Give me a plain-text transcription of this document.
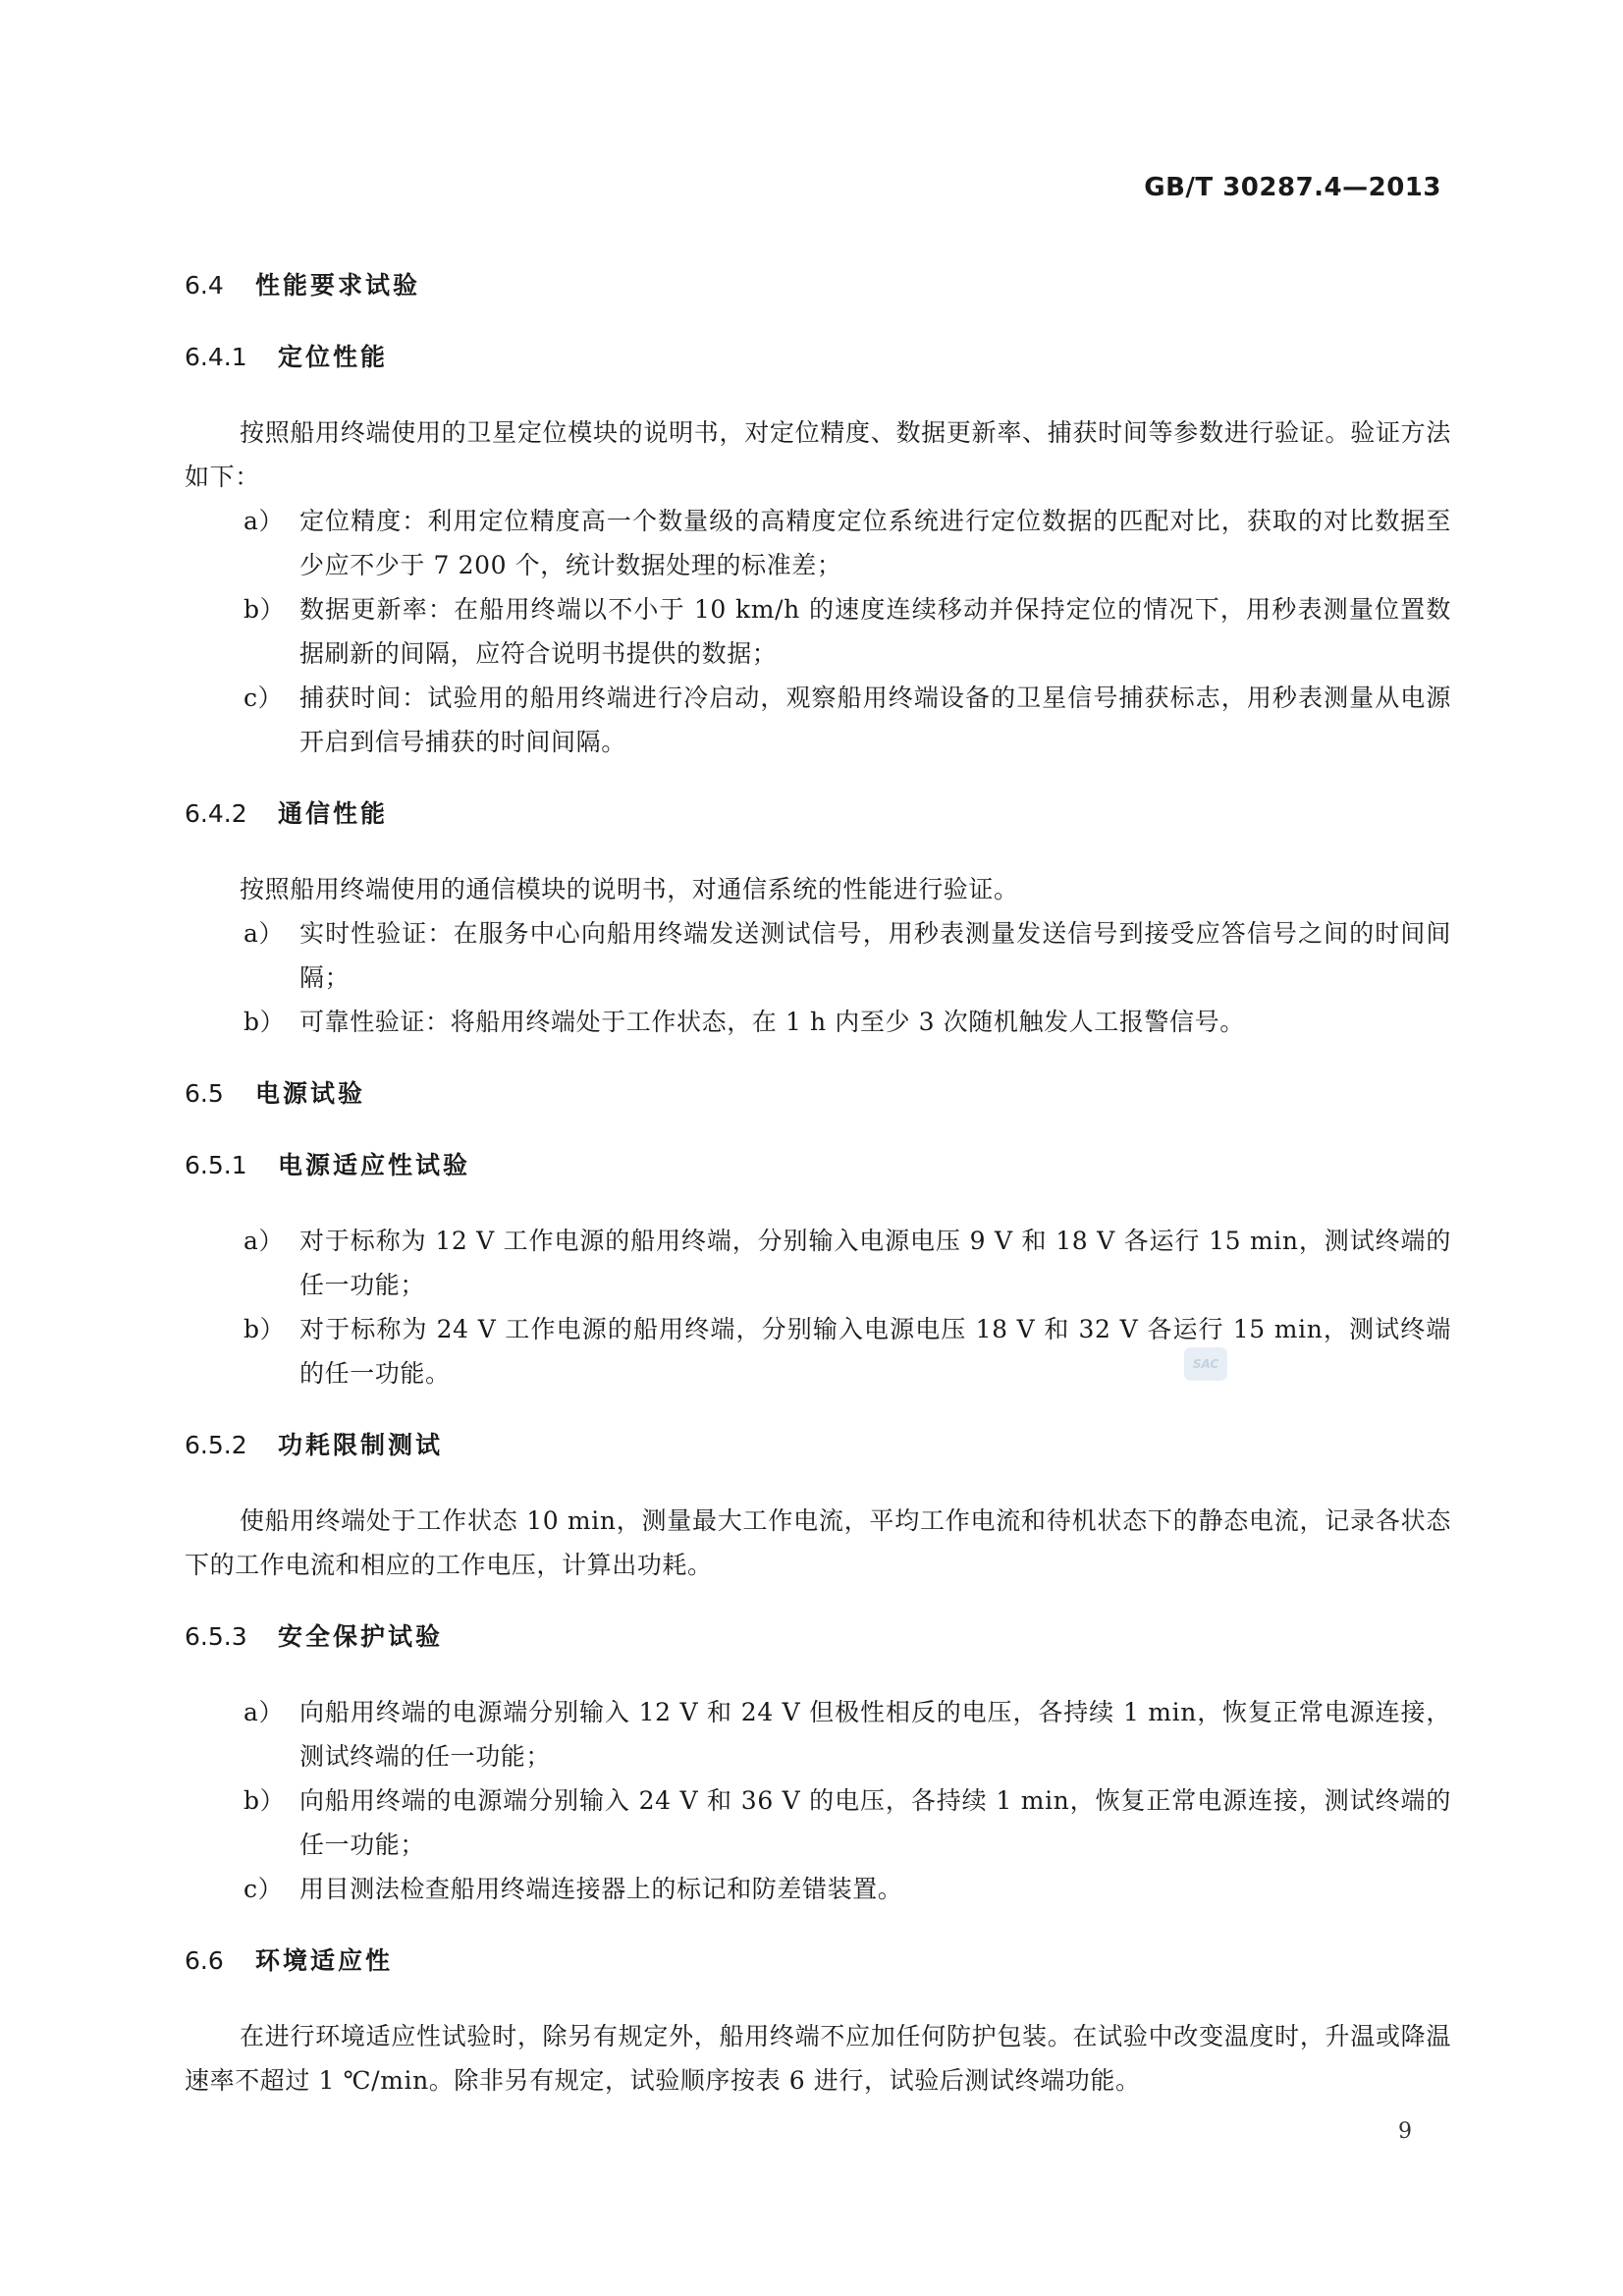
GB/T 30287.4—2013
6.4 性能要求试验
6.4.1 定位性能
按照船用终端使用的卫星定位模块的说明书，对定位精度、数据更新率、捕获时间等参数进行验证。验证方法如下：
a） 定位精度：利用定位精度高一个数量级的高精度定位系统进行定位数据的匹配对比，获取的对比数据至少应不少于 7 200 个，统计数据处理的标准差；
b） 数据更新率：在船用终端以不小于 10 km/h 的速度连续移动并保持定位的情况下，用秒表测量位置数据刷新的间隔，应符合说明书提供的数据；
c） 捕获时间：试验用的船用终端进行冷启动，观察船用终端设备的卫星信号捕获标志，用秒表测量从电源开启到信号捕获的时间间隔。
6.4.2 通信性能
按照船用终端使用的通信模块的说明书，对通信系统的性能进行验证。
a） 实时性验证：在服务中心向船用终端发送测试信号，用秒表测量发送信号到接受应答信号之间的时间间隔；
b） 可靠性验证：将船用终端处于工作状态，在 1 h 内至少 3 次随机触发人工报警信号。
6.5 电源试验
6.5.1 电源适应性试验
a） 对于标称为 12 V 工作电源的船用终端，分别输入电源电压 9 V 和 18 V 各运行 15 min，测试终端的任一功能；
b） 对于标称为 24 V 工作电源的船用终端，分别输入电源电压 18 V 和 32 V 各运行 15 min，测试终端的任一功能。
6.5.2 功耗限制测试
使船用终端处于工作状态 10 min，测量最大工作电流，平均工作电流和待机状态下的静态电流，记录各状态下的工作电流和相应的工作电压，计算出功耗。
6.5.3 安全保护试验
a） 向船用终端的电源端分别输入 12 V 和 24 V 但极性相反的电压，各持续 1 min，恢复正常电源连接，测试终端的任一功能；
b） 向船用终端的电源端分别输入 24 V 和 36 V 的电压，各持续 1 min，恢复正常电源连接，测试终端的任一功能；
c） 用目测法检查船用终端连接器上的标记和防差错装置。
6.6 环境适应性
在进行环境适应性试验时，除另有规定外，船用终端不应加任何防护包装。在试验中改变温度时，升温或降温速率不超过 1 ℃/min。除非另有规定，试验顺序按表 6 进行，试验后测试终端功能。
SAC
9
